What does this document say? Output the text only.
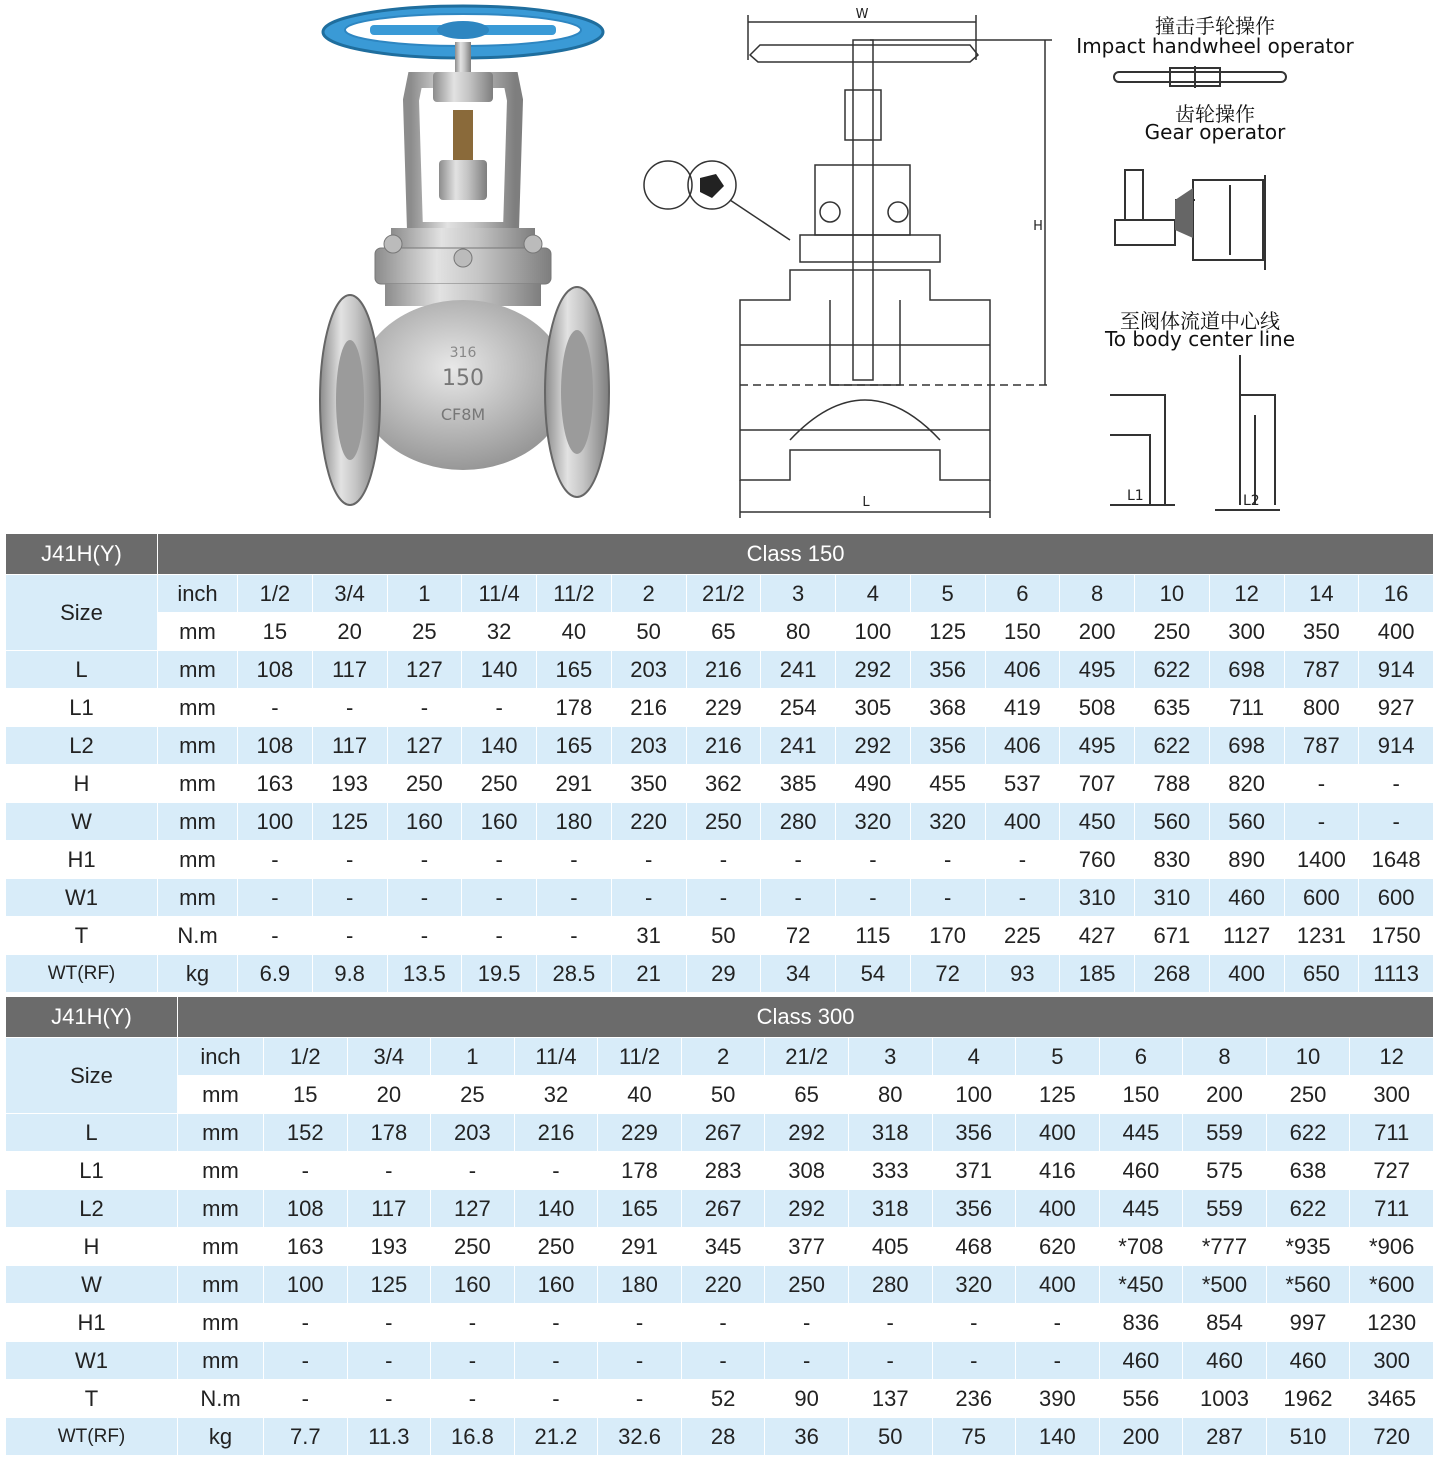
150
CF8M
316
W
H
L
撞击手轮操作
Impact handwheel operator
齿轮操作
Gear operator
至阀体流道中心线
To body center line
L1	L2
J41H(Y)	Class 150																
Size	inch	1/2	3/4	1	11/4	11/2	2	21/2	3	4	5	6	8	10	12	14	16
	mm	15	20	25	32	40	50	65	80	100	125	150	200	250	300	350	400
L	mm	108	117	127	140	165	203	216	241	292	356	406	495	622	698	787	914
L1	mm	-	-	-	-	178	216	229	254	305	368	419	508	635	711	800	927
L2	mm	108	117	127	140	165	203	216	241	292	356	406	495	622	698	787	914
H	mm	163	193	250	250	291	350	362	385	490	455	537	707	788	820	-	-
W	mm	100	125	160	160	180	220	250	280	320	320	400	450	560	560	-	-
H1	mm	-	-	-	-	-	-	-	-	-	-	-	760	830	890	1400	1648
W1	mm	-	-	-	-	-	-	-	-	-	-	-	310	310	460	600	600
T	N.m	-	-	-	-	-	31	50	72	115	170	225	427	671	1127	1231	1750
WT(RF)	kg	6.9	9.8	13.5	19.5	28.5	21	29	34	54	72	93	185	268	400	650	1113
J41H(Y)	Class 300														
Size	inch	1/2	3/4	1	11/4	11/2	2	21/2	3	4	5	6	8	10	12
	mm	15	20	25	32	40	50	65	80	100	125	150	200	250	300
L	mm	152	178	203	216	229	267	292	318	356	400	445	559	622	711
L1	mm	-	-	-	-	178	283	308	333	371	416	460	575	638	727
L2	mm	108	117	127	140	165	267	292	318	356	400	445	559	622	711
H	mm	163	193	250	250	291	345	377	405	468	620	*708	*777	*935	*906
W	mm	100	125	160	160	180	220	250	280	320	400	*450	*500	*560	*600
H1	mm	-	-	-	-	-	-	-	-	-	-	836	854	997	1230
W1	mm	-	-	-	-	-	-	-	-	-	-	460	460	460	300
T	N.m	-	-	-	-	-	52	90	137	236	390	556	1003	1962	3465
WT(RF)	kg	7.7	11.3	16.8	21.2	32.6	28	36	50	75	140	200	287	510	720
